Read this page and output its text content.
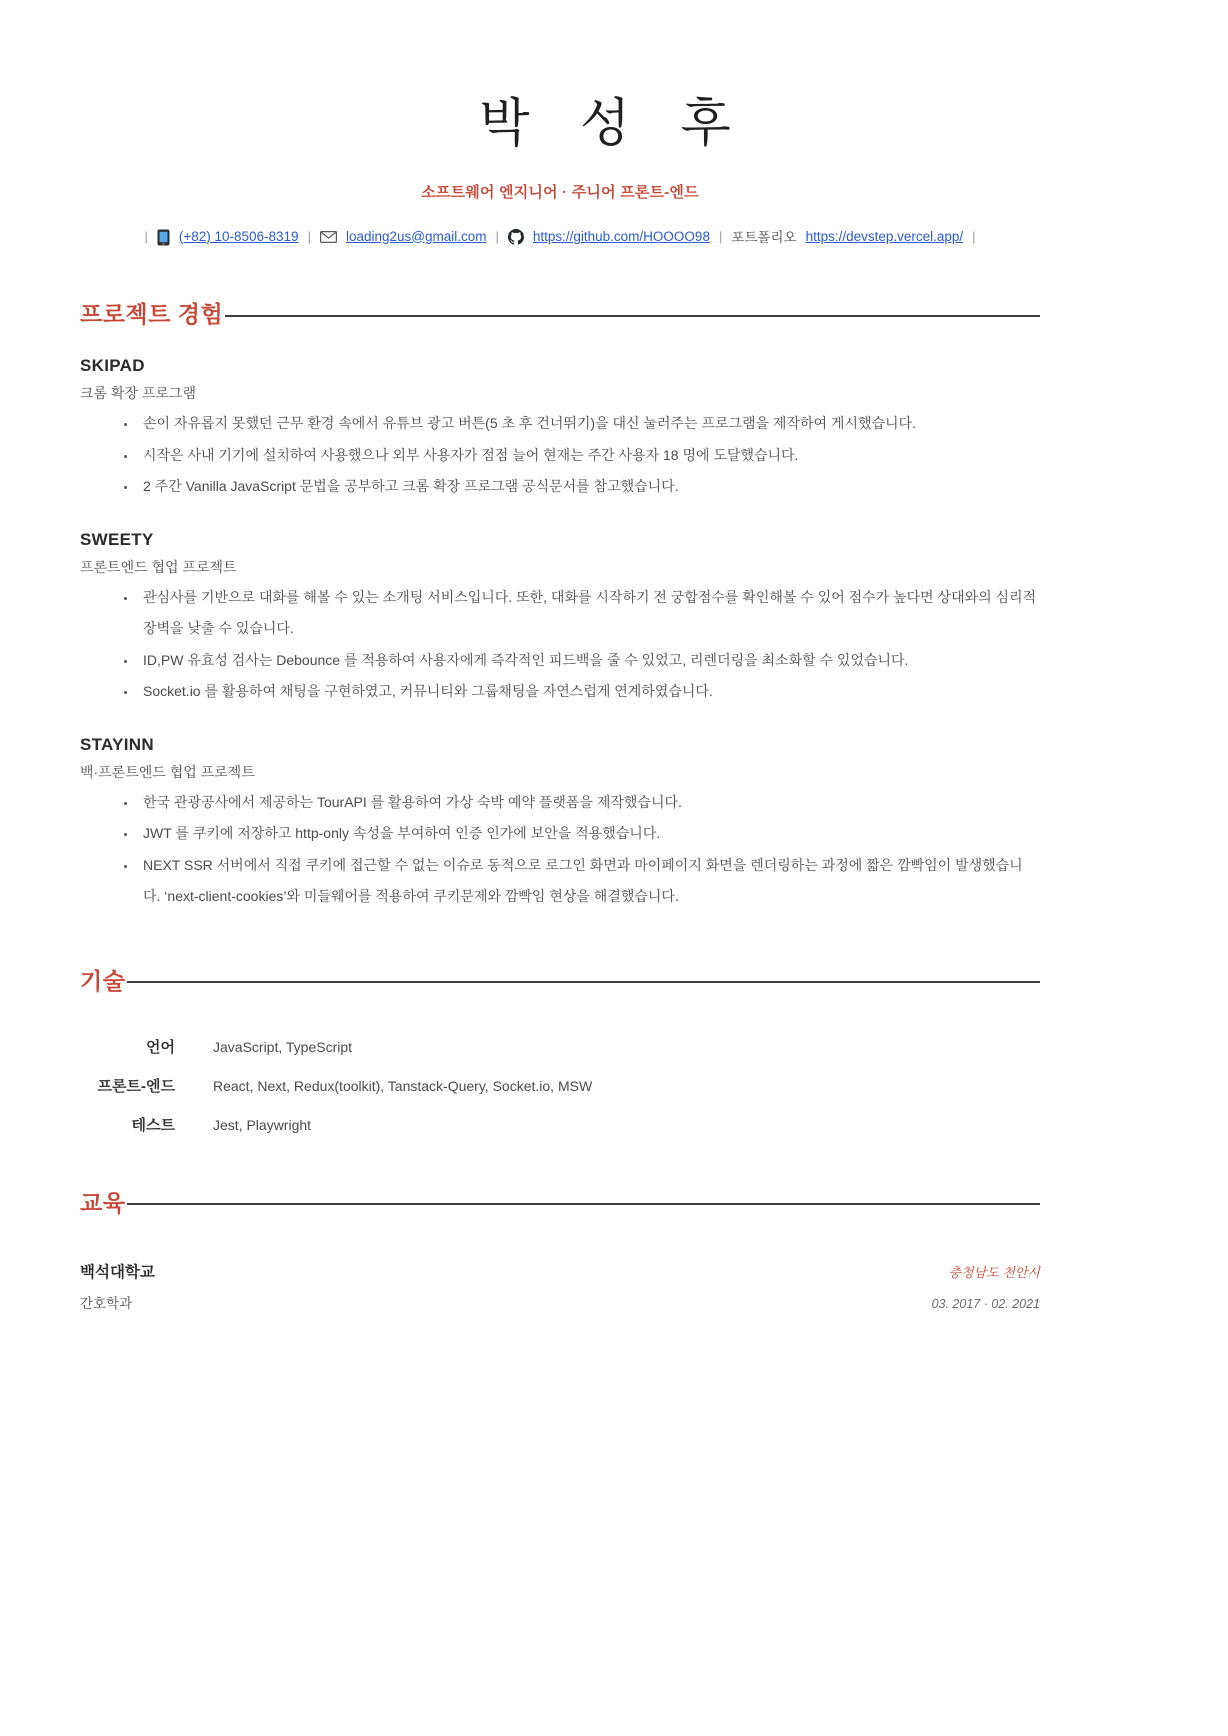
박 성 후
소프트웨어 엔지니어 · 주니어 프론트-엔드
| (+82) 10-8506-8319 |	loading2us@gmail.com |	https://github.com/HOOOO98 | 포트폴리오 https://devstep.vercel.app/ |
프로젝트 경험
SKIPAD
크롬 확장 프로그램
• 손이 자유롭지 못했던 근무 환경 속에서 유튜브 광고 버튼(5 초 후 건너뛰기)을 대신 눌러주는 프로그램을 제작하여 게시했습니다.
• 시작은 사내 기기에 설치하여 사용했으나 외부 사용자가 점점 늘어 현재는 주간 사용자 18 명에 도달했습니다.
• 2 주간 Vanilla JavaScript 문법을 공부하고 크롬 확장 프로그램 공식문서를 참고했습니다.
SWEETY
프론트엔드 협업 프로젝트
• 관심사를 기반으로 대화를 해볼 수 있는 소개팅 서비스입니다. 또한, 대화를 시작하기 전 궁합점수를 확인해볼 수 있어 점수가 높다면 상대와의 심리적 장벽을 낮출 수 있습니다.
• ID,PW 유효성 검사는 Debounce 를 적용하여 사용자에게 즉각적인 피드백을 줄 수 있었고, 리렌더링을 최소화할 수 있었습니다.
• Socket.io 를 활용하여 채팅을 구현하였고, 커뮤니티와 그룹채팅을 자연스럽게 연계하였습니다.
STAYINN
백·프론트엔드 협업 프로젝트
• 한국 관광공사에서 제공하는 TourAPI 를 활용하여 가상 숙박 예약 플랫폼을 제작했습니다.
• JWT 를 쿠키에 저장하고 http-only 속성을 부여하여 인증 인가에 보안을 적용했습니다.
• NEXT SSR 서버에서 직접 쿠키에 접근할 수 없는 이슈로 동적으로 로그인 화면과 마이페이지 화면을 렌더링하는 과정에 짧은 깜빡임이 발생했습니다. ‘next-client-cookies’와 미들웨어를 적용하여 쿠키문제와 깜빡임 현상을 해결했습니다.
기술
언어	JavaScript, TypeScript
프론트-엔드	React, Next, Redux(toolkit), Tanstack-Query, Socket.io, MSW
테스트	Jest, Playwright
교육
백석대학교	충청남도 천안시
간호학과	03. 2017 · 02. 2021
